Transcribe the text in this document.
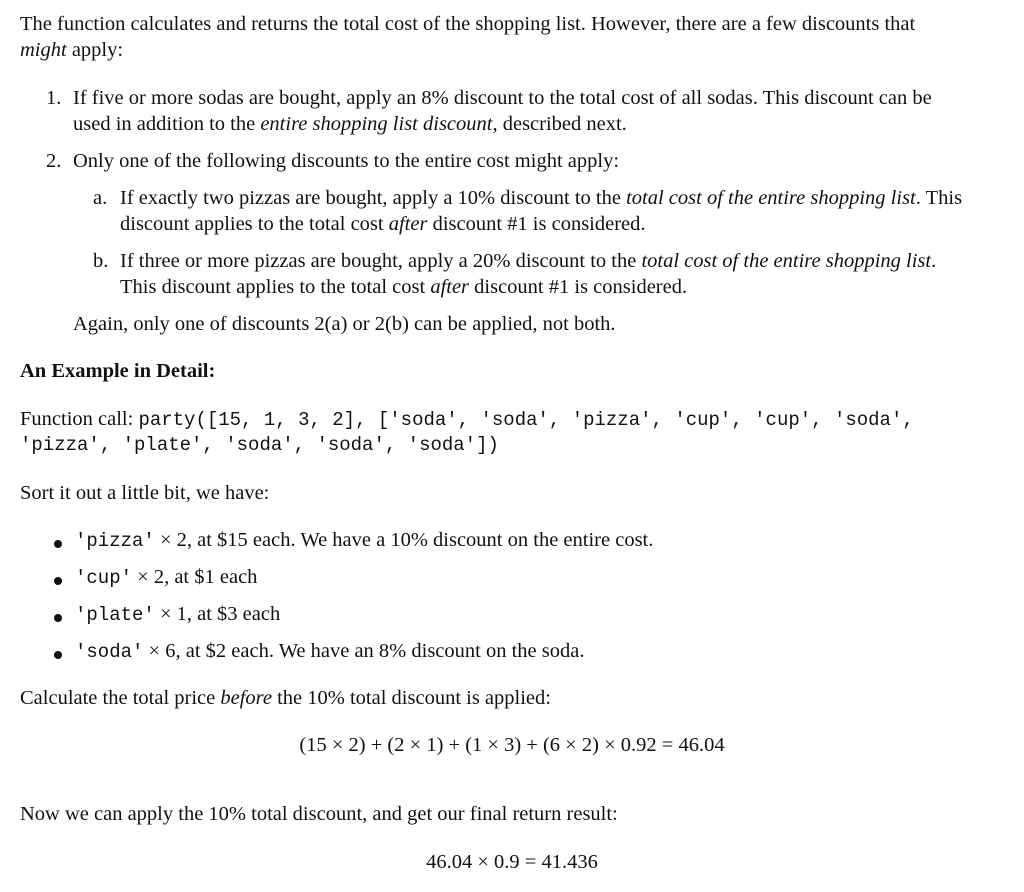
The function calculates and returns the total cost of the shopping list. However, there are a few discounts that
might apply:
1. If five or more sodas are bought, apply an 8% discount to the total cost of all sodas. This discount can be
used in addition to the entire shopping list discount, described next.
2. Only one of the following discounts to the entire cost might apply:
a. If exactly two pizzas are bought, apply a 10% discount to the total cost of the entire shopping list. This
discount applies to the total cost after discount #1 is considered.
b. If three or more pizzas are bought, apply a 20% discount to the total cost of the entire shopping list.
This discount applies to the total cost after discount #1 is considered.
Again, only one of discounts 2(a) or 2(b) can be applied, not both.
An Example in Detail:
Function call: party([15, 1, 3, 2], ['soda', 'soda', 'pizza', 'cup', 'cup', 'soda',
'pizza', 'plate', 'soda', 'soda', 'soda'])
Sort it out a little bit, we have:
'pizza' × 2, at $15 each. We have a 10% discount on the entire cost.
'cup' × 2, at $1 each
'plate' × 1, at $3 each
'soda' × 6, at $2 each. We have an 8% discount on the soda.
Calculate the total price before the 10% total discount is applied:
(15 × 2) + (2 × 1) + (1 × 3) + (6 × 2) × 0.92 = 46.04
Now we can apply the 10% total discount, and get our final return result:
46.04 × 0.9 = 41.436
